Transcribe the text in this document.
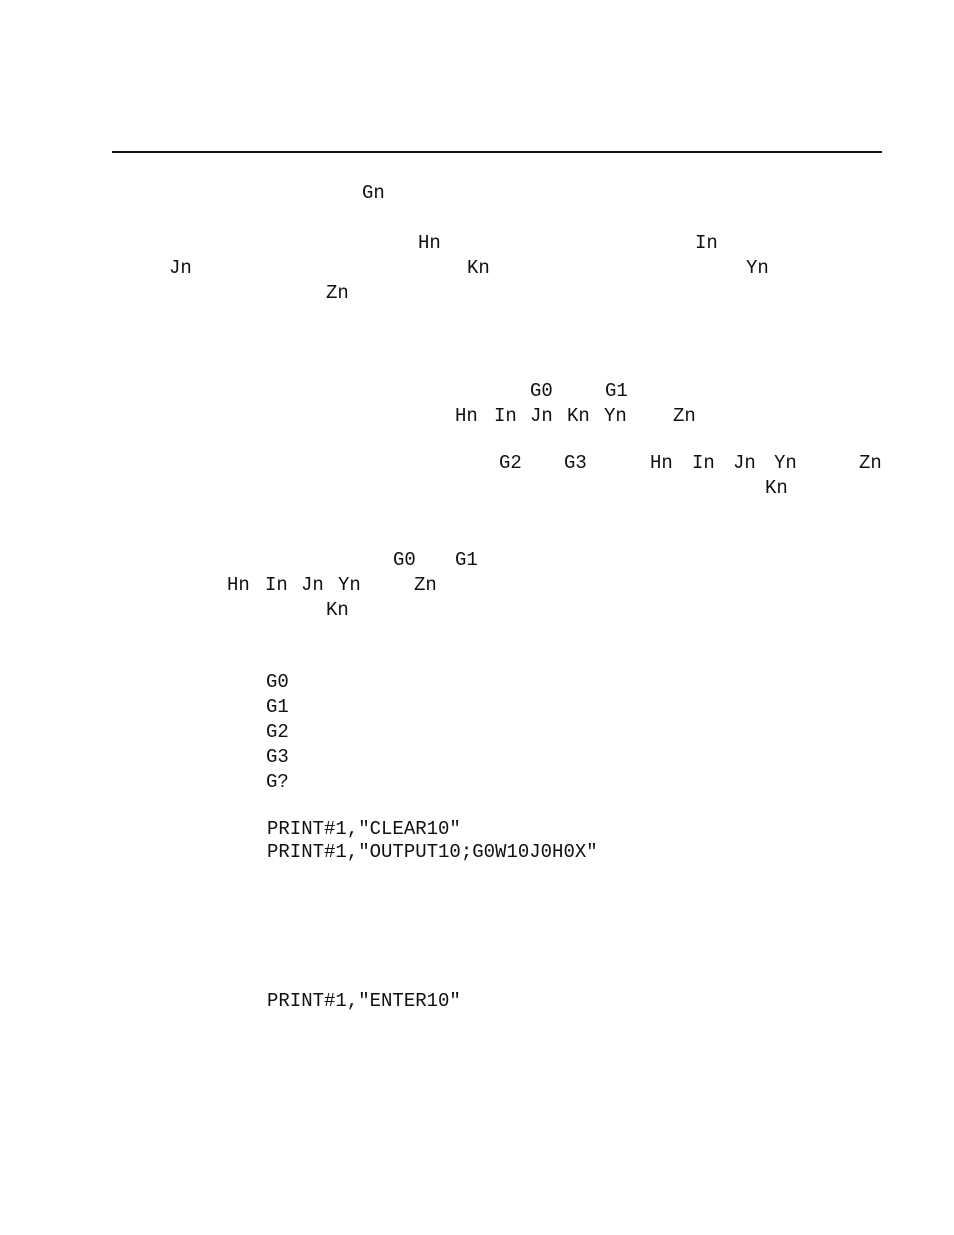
Gn
Hn	In
Jn	Kn	Yn
Zn
G0	G1
Hn In Jn Kn Yn Zn
G2 G3	Hn In Jn Yn	Zn
Kn
G0 G1
Hn In Jn Yn	Zn
Kn
G0
G1
G2
G3
G?
PRINT#1,"CLEAR10"
PRINT#1,"OUTPUT10;G0W10J0H0X"
PRINT#1,"ENTER10"
